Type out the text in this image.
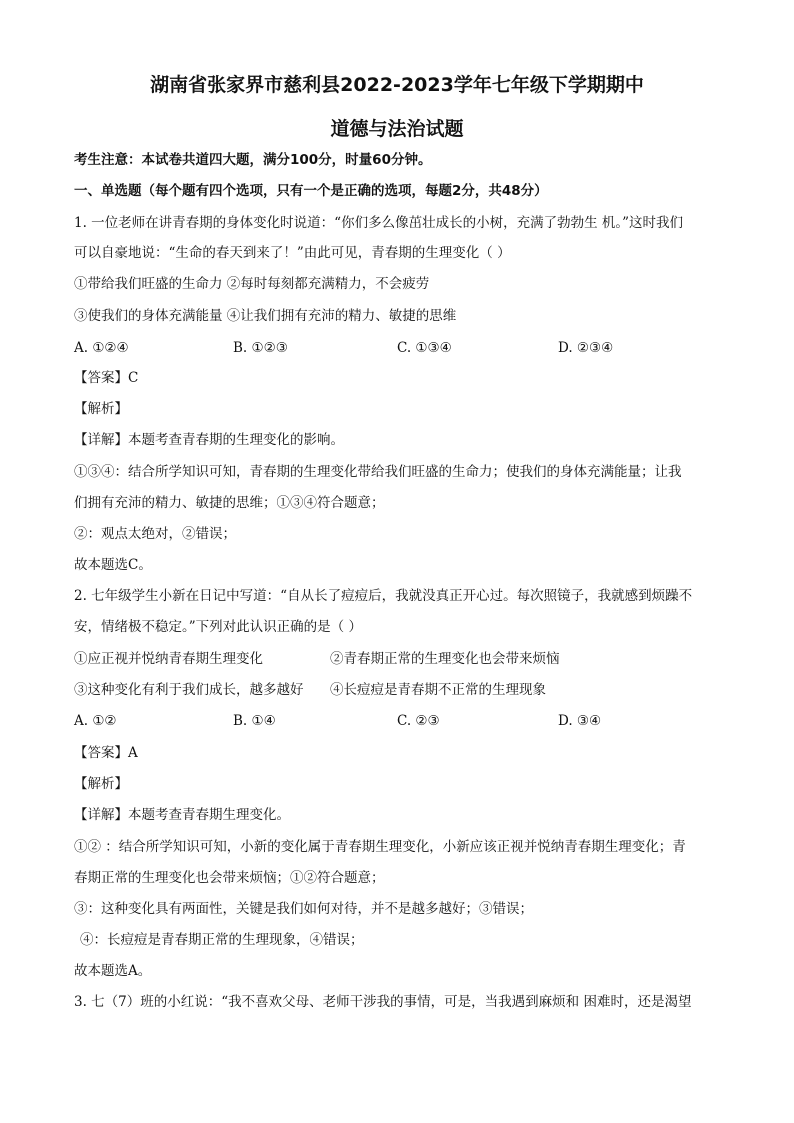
湖南省张家界市慈利县2022-2023学年七年级下学期期中
道德与法治试题
考生注意：本试卷共道四大题，满分100分，时量60分钟。
一、单选题（每个题有四个选项，只有一个是正确的选项，每题2分，共48分）
1. 一位老师在讲青春期的身体变化时说道：“你们多么像茁壮成长的小树，充满了勃勃生 机。”这时我们
可以自豪地说：“生命的春天到来了！”由此可见，青春期的生理变化（ ）
①带给我们旺盛的生命力 ②每时每刻都充满精力，不会疲劳
③使我们的身体充满能量 ④让我们拥有充沛的精力、敏捷的思维
A. ①②④	B. ①②③	C. ①③④	D. ②③④
【答案】C
【解析】
【详解】本题考查青春期的生理变化的影响。
①③④：结合所学知识可知，青春期的生理变化带给我们旺盛的生命力；使我们的身体充满能量；让我
们拥有充沛的精力、敏捷的思维；①③④符合题意；
②：观点太绝对，②错误；
故本题选C。
2. 七年级学生小新在日记中写道：“自从长了痘痘后，我就没真正开心过。每次照镜子，我就感到烦躁不
安，情绪极不稳定。”下列对此认识正确的是（ ）
①应正视并悦纳青春期生理变化	②青春期正常的生理变化也会带来烦恼
③这种变化有利于我们成长，越多越好 ④长痘痘是青春期不正常的生理现象
A. ①②	B. ①④	C. ②③	D. ③④
【答案】A
【解析】
【详解】本题考查青春期生理变化。
①② ：结合所学知识可知，小新的变化属于青春期生理变化，小新应该正视并悦纳青春期生理变化；青
春期正常的生理变化也会带来烦恼；①②符合题意；
③：这种变化具有两面性，关键是我们如何对待，并不是越多越好；③错误；
④：长痘痘是青春期正常的生理现象，④错误；
故本题选A。
3. 七（7）班的小红说：“我不喜欢父母、老师干涉我的事情，可是，当我遇到麻烦和 困难时，还是渴望
